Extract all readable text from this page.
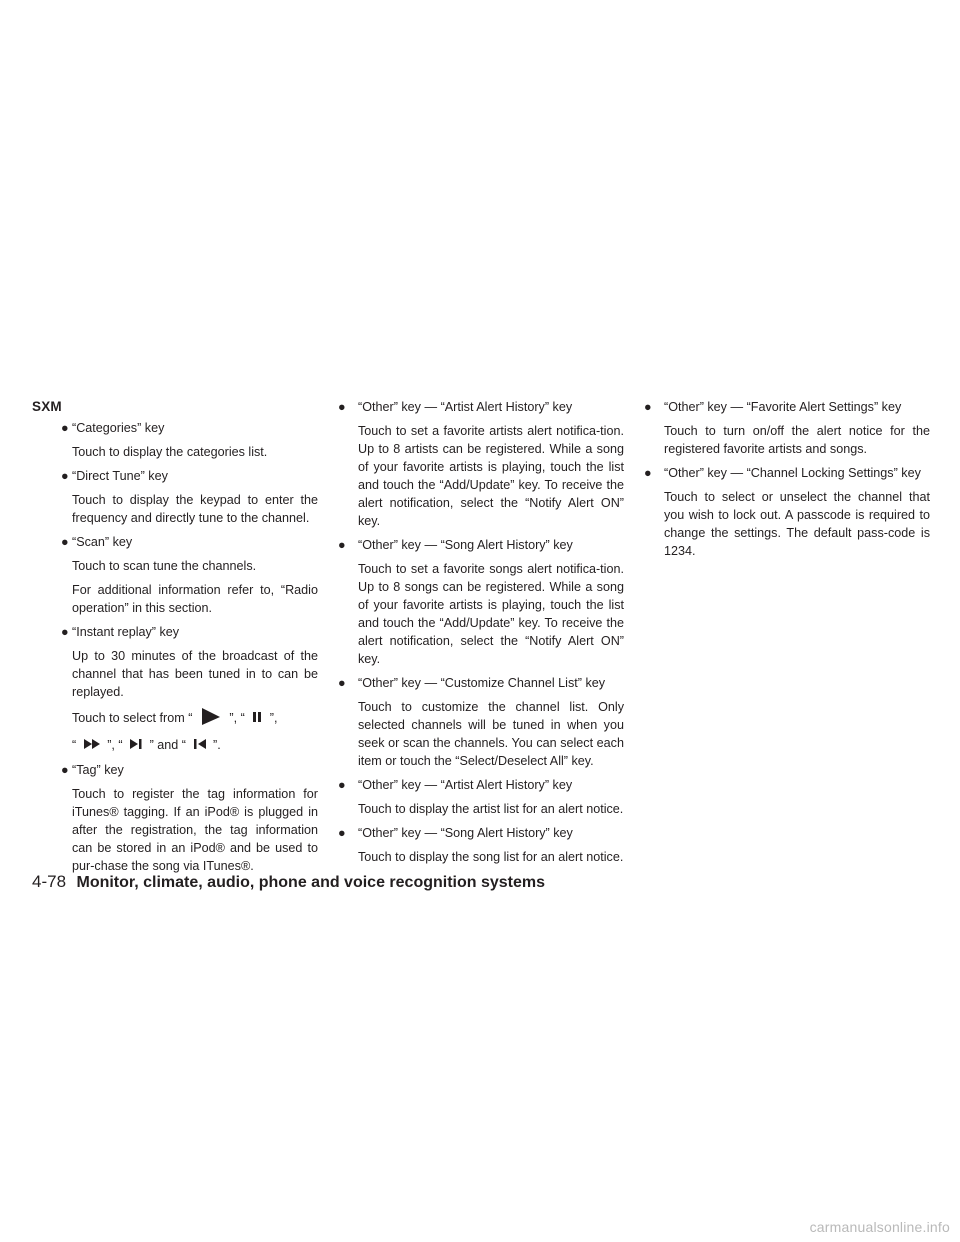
SXM
● “Categories” key

Touch to display the categories list.

● “Direct Tune” key

Touch to display the keypad to enter the frequency and directly tune to the channel.

● “Scan” key

Touch to scan tune the channels.

For additional information refer to, “Radio operation” in this section.

● “Instant replay” key

Up to 30 minutes of the broadcast of the channel that has been tuned in to can be replayed.

Touch to select from “	”, “ ”,

“ ”, “ ” and “ ”.

● “Tag” key

Touch to register the tag information for iTunes® tagging. If an iPod® is plugged in after the registration, the tag information can be stored in an iPod® and be used to pur-chase the song via ITunes®.

● “Other” key — “Artist Alert History” key

Touch to set a favorite artists alert notifica-tion. Up to 8 artists can be registered. While a song of your favorite artists is playing, touch the list and touch the “Add/Update” key. To receive the alert notification, select the “Notify Alert ON” key.

● “Other” key — “Song Alert History” key

Touch to set a favorite songs alert notifica-tion. Up to 8 songs can be registered. While a song of your favorite artists is playing, touch the list and touch the “Add/Update” key. To receive the alert notification, select the “Notify Alert ON” key.

● “Other” key — “Customize Channel List” key

Touch to customize the channel list. Only selected channels will be tuned in when you seek or scan the channels. You can select each item or touch the “Select/Deselect All” key.

● “Other” key — “Artist Alert History” key

Touch to display the artist list for an alert notice.

● “Other” key — “Song Alert History” key

Touch to display the song list for an alert notice.

● “Other” key — “Favorite Alert Settings” key

Touch to turn on/off the alert notice for the registered favorite artists and songs.

● “Other” key — “Channel Locking Settings” key

Touch to select or unselect the channel that you wish to lock out. A passcode is required to change the settings. The default pass-code is 1234.

4-78 Monitor, climate, audio, phone and voice recognition systems
carmanualsonline.info
